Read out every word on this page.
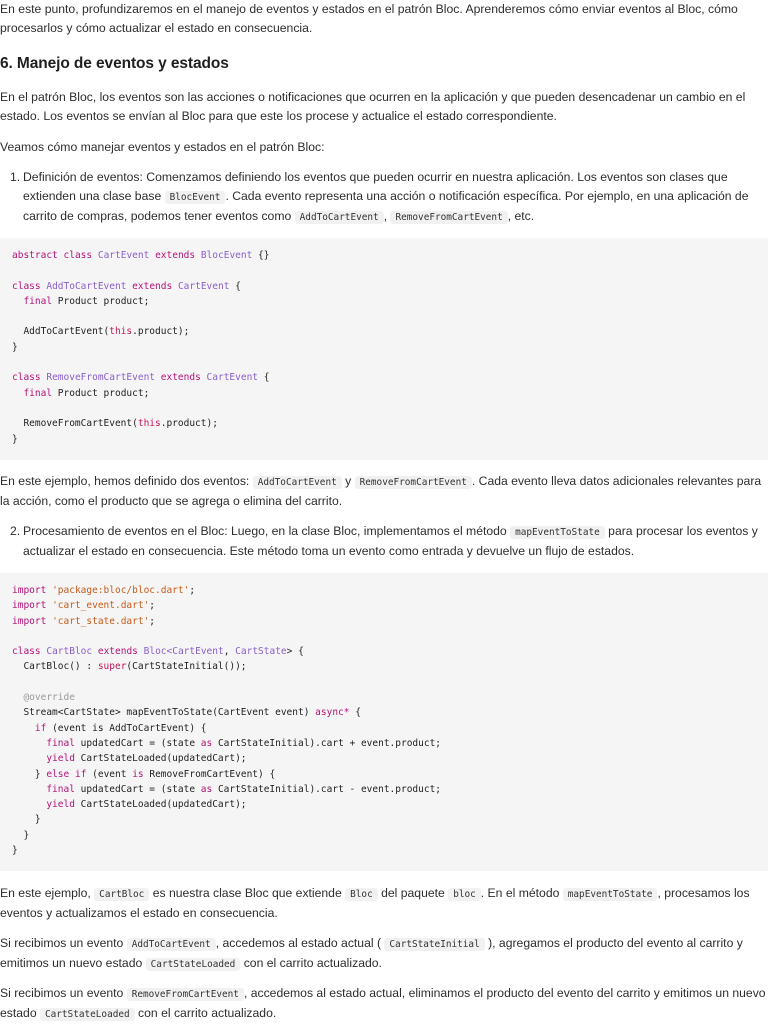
En este punto, profundizaremos en el manejo de eventos y estados en el patrón Bloc. Aprenderemos cómo enviar eventos al Bloc, cómo procesarlos y cómo actualizar el estado en consecuencia.

6. Manejo de eventos y estados

En el patrón Bloc, los eventos son las acciones o notificaciones que ocurren en la aplicación y que pueden desencadenar un cambio en el estado. Los eventos se envían al Bloc para que este los procese y actualice el estado correspondiente.

Veamos cómo manejar eventos y estados en el patrón Bloc:

1. Definición de eventos: Comenzamos definiendo los eventos que pueden ocurrir en nuestra aplicación. Los eventos son clases que extienden una clase base BlocEvent . Cada evento representa una acción o notificación específica. Por ejemplo, en una aplicación de carrito de compras, podemos tener eventos como AddToCartEvent , RemoveFromCartEvent , etc.

abstract class CartEvent extends BlocEvent {}

class AddToCartEvent extends CartEvent {
final Product product;

AddToCartEvent(this.product);
}

class RemoveFromCartEvent extends CartEvent {
final Product product;

RemoveFromCartEvent(this.product);
}

En este ejemplo, hemos definido dos eventos: AddToCartEvent y RemoveFromCartEvent . Cada evento lleva datos adicionales relevantes para la acción, como el producto que se agrega o elimina del carrito.

2. Procesamiento de eventos en el Bloc: Luego, en la clase Bloc, implementamos el método mapEventToState para procesar los eventos y actualizar el estado en consecuencia. Este método toma un evento como entrada y devuelve un flujo de estados.

import 'package:bloc/bloc.dart';
import 'cart_event.dart';
import 'cart_state.dart';

class CartBloc extends Bloc<CartEvent, CartState> {
CartBloc() : super(CartStateInitial());

@override
Stream<CartState> mapEventToState(CartEvent event) async* {
if (event is AddToCartEvent) {
final updatedCart = (state as CartStateInitial).cart + event.product;
yield CartStateLoaded(updatedCart);
} else if (event is RemoveFromCartEvent) {
final updatedCart = (state as CartStateInitial).cart - event.product;
yield CartStateLoaded(updatedCart);
}
}
}

En este ejemplo, CartBloc es nuestra clase Bloc que extiende Bloc del paquete bloc . En el método mapEventToState , procesamos los eventos y actualizamos el estado en consecuencia.

Si recibimos un evento AddToCartEvent , accedemos al estado actual ( CartStateInitial ), agregamos el producto del evento al carrito y emitimos un nuevo estado CartStateLoaded con el carrito actualizado.

Si recibimos un evento RemoveFromCartEvent , accedemos al estado actual, eliminamos el producto del evento del carrito y emitimos un nuevo estado CartStateLoaded con el carrito actualizado.
